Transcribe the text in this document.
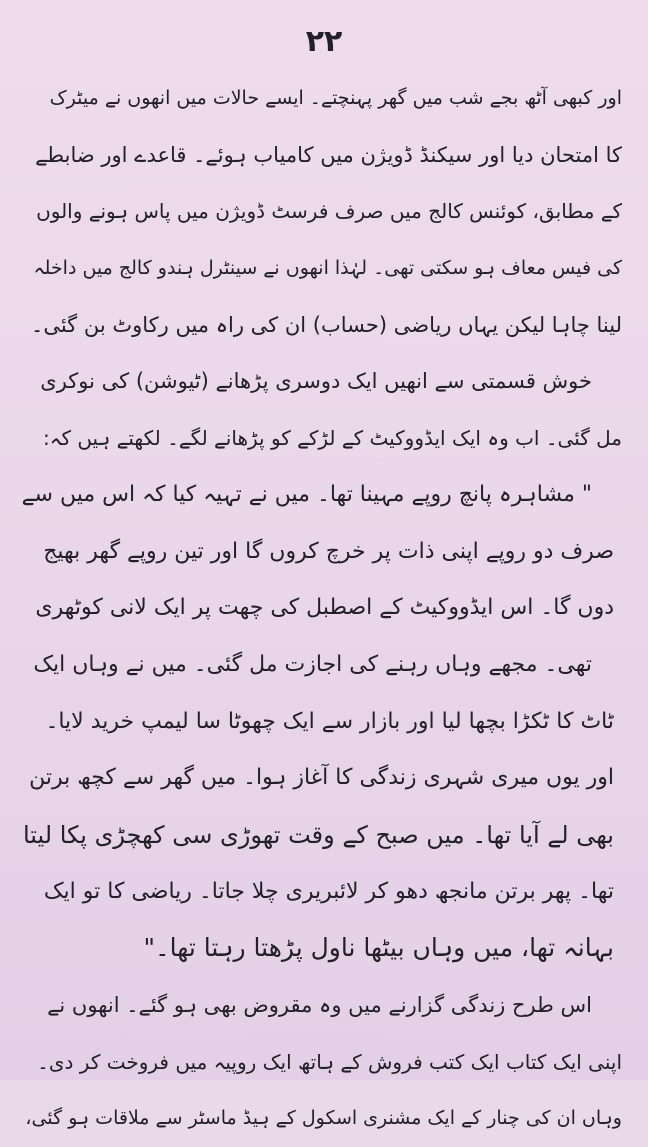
۲۲
اور کبھی آٹھ بجے شب میں گھر پہنچتے۔ ایسے حالات میں انھوں نے میٹرک
کا امتحان دیا اور سیکنڈ ڈویژن میں کامیاب ہوئے۔ قاعدے اور ضابطے
کے مطابق، کوئنس کالج میں صرف فرسٹ ڈویژن میں پاس ہونے والوں
کی فیس معاف ہو سکتی تھی۔ لہٰذا انھوں نے سینٹرل ہندو کالج میں داخلہ
لینا چاہا لیکن یہاں ریاضی (حساب) ان کی راہ میں رکاوٹ بن گئی۔
خوش قسمتی سے انھیں ایک دوسری پڑھانے (ٹیوشن) کی نوکری
مل گئی۔ اب وہ ایک ایڈووکیٹ کے لڑکے کو پڑھانے لگے۔ لکھتے ہیں کہ:
" مشاہرہ پانچ روپے مہینا تھا۔ میں نے تہیہ کیا کہ اس میں سے
صرف دو روپے اپنی ذات پر خرچ کروں گا اور تین روپے گھر بھیج
دوں گا۔ اس ایڈووکیٹ کے اصطبل کی چھت پر ایک لانی کوٹھری
تھی۔ مجھے وہاں رہنے کی اجازت مل گئی۔ میں نے وہاں ایک
ٹاٹ کا ٹکڑا بچھا لیا اور بازار سے ایک چھوٹا سا لیمپ خرید لایا۔
اور یوں میری شہری زندگی کا آغاز ہوا۔ میں گھر سے کچھ برتن
بھی لے آیا تھا۔ میں صبح کے وقت تھوڑی سی کھچڑی پکا لیتا
تھا۔ پھر برتن مانجھ دھو کر لائبریری چلا جاتا۔ ریاضی کا تو ایک
بہانہ تھا، میں وہاں بیٹھا ناول پڑھتا رہتا تھا۔"
اس طرح زندگی گزارنے میں وہ مقروض بھی ہو گئے۔ انھوں نے
اپنی ایک کتاب ایک کتب فروش کے ہاتھ ایک روپیہ میں فروخت کر دی۔
وہاں ان کی چنار کے ایک مشنری اسکول کے ہیڈ ماسٹر سے ملاقات ہو گئی،
